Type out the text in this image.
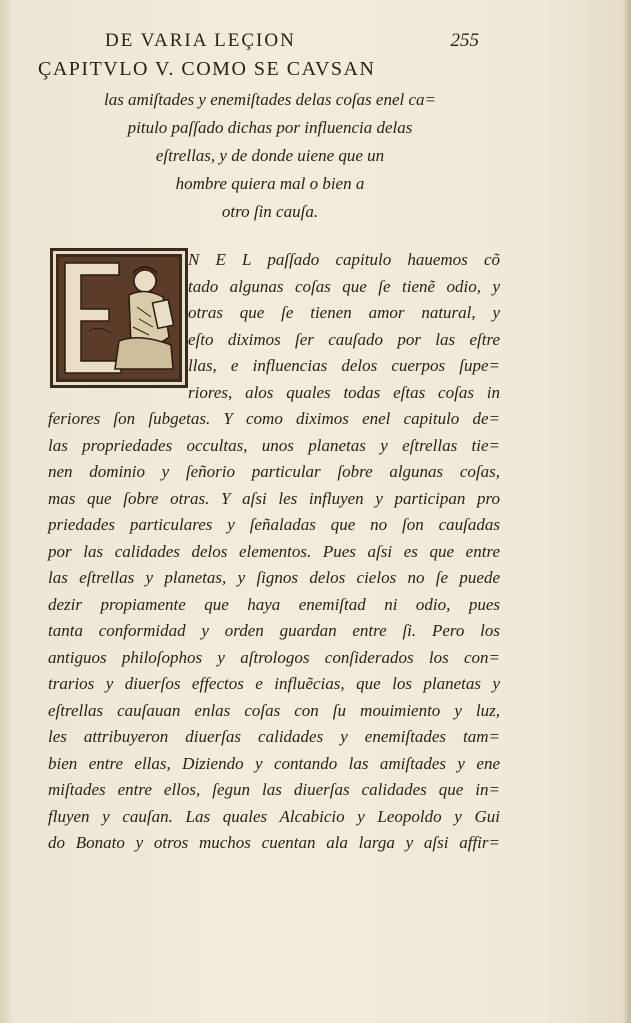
DE VARIA LEÇION	255
ÇAPITVLO V. COMO SE CAVSAN
las amiſtades y enemiſtades delas coſas enel ca=
pitulo paſſado dichas por influencia delas
eſtrellas, y de donde uiene que un
hombre quiera mal o bien a
otro ſin cauſa.
N E L paſſado capitulo hauemos cõ
tado algunas coſas que ſe tienẽ odio, y
otras que ſe tienen amor natural, y
eſto diximos ſer cauſado por las eſtre
llas, e influencias delos cuerpos ſupe=
riores, alos quales todas eſtas coſas in
feriores ſon ſubgetas. Y como diximos enel capitulo de=
las propriedades occultas, unos planetas y eſtrellas tie=
nen dominio y ſeñorio particular ſobre algunas coſas,
mas que ſobre otras. Y aſsi les influyen y participan pro
priedades particulares y ſeñaladas que no ſon cauſadas
por las calidades delos elementos. Pues aſsi es que entre
las eſtrellas y planetas, y ſignos delos cielos no ſe puede
dezir propiamente que haya enemiſtad ni odio, pues
tanta conformidad y orden guardan entre ſi. Pero los
antiguos philoſophos y aſtrologos conſiderados los con=
trarios y diuerſos effectos e influẽcias, que los planetas y
eſtrellas cauſauan enlas coſas con ſu mouimiento y luz,
les attribuyeron diuerſas calidades y enemiſtades tam=
bien entre ellas, Diziendo y contando las amiſtades y ene
miſtades entre ellos, ſegun las diuerſas calidades que in=
fluyen y cauſan. Las quales Alcabicio y Leopoldo y Gui
do Bonato y otros muchos cuentan ala larga y aſsi affir=
